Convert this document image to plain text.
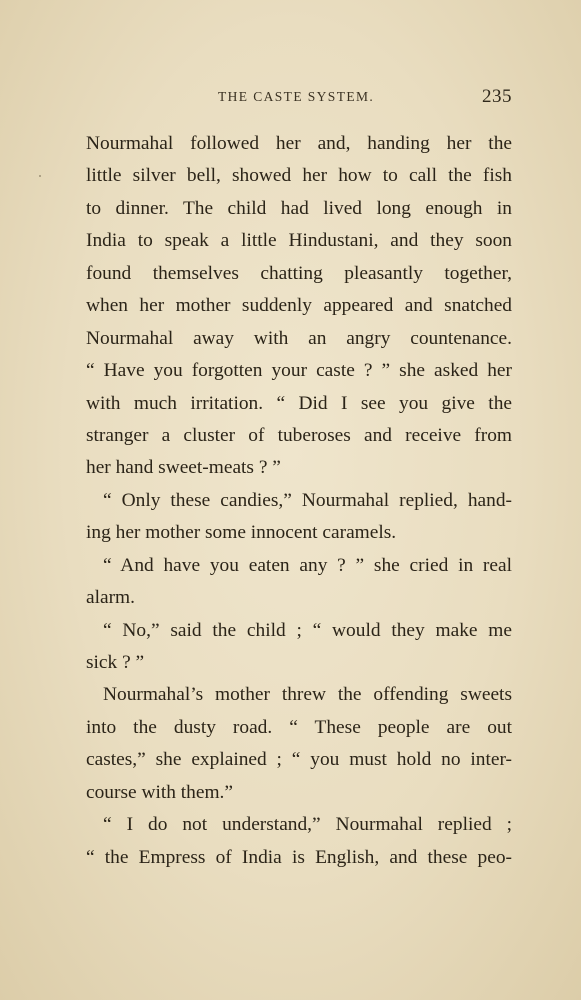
THE CASTE SYSTEM.	235
Nourmahal followed her and, handing her the
little silver bell, showed her how to call the fish
to dinner. The child had lived long enough in
India to speak a little Hindustani, and they soon
found themselves chatting pleasantly together,
when her mother suddenly appeared and snatched
Nourmahal away with an angry countenance.
“ Have you forgotten your caste ? ” she asked her
with much irritation. “ Did I see you give the
stranger a cluster of tuberoses and receive from
her hand sweet-meats ? ”
“ Only these candies,” Nourmahal replied, hand-
ing her mother some innocent caramels.
“ And have you eaten any ? ” she cried in real
alarm.
“ No,” said the child ; “ would they make me
sick ? ”
Nourmahal’s mother threw the offending sweets
into the dusty road. “ These people are out
castes,” she explained ; “ you must hold no inter-
course with them.”
“ I do not understand,” Nourmahal replied ;
“ the Empress of India is English, and these peo-
